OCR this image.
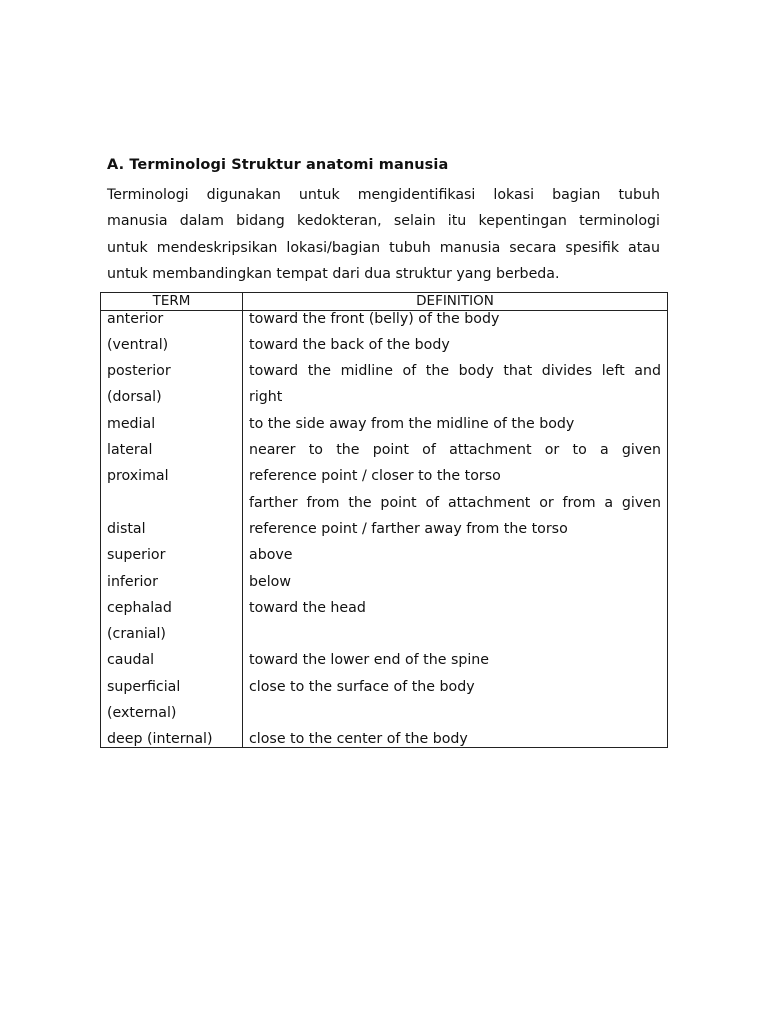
A. Terminologi Struktur anatomi manusia
Terminologi digunakan untuk mengidentifikasi lokasi bagian tubuh
manusia dalam bidang kedokteran, selain itu kepentingan terminologi
untuk mendeskripsikan lokasi/bagian tubuh manusia secara spesifik atau
untuk membandingkan tempat dari dua struktur yang berbeda.
TERM	DEFINITION
anterior	toward the front (belly) of the body
(ventral)	toward the back of the body
posterior	toward the midline of the body that divides left and
(dorsal)	right
medial	to the side away from the midline of the body
lateral	nearer to the point of attachment or to a given
proximal	reference point / closer to the torso
farther from the point of attachment or from a given
distal	reference point / farther away from the torso
superior	above
inferior	below
cephalad	toward the head
(cranial)
caudal	toward the lower end of the spine
superficial	close to the surface of the body
(external)
deep (internal)	close to the center of the body
